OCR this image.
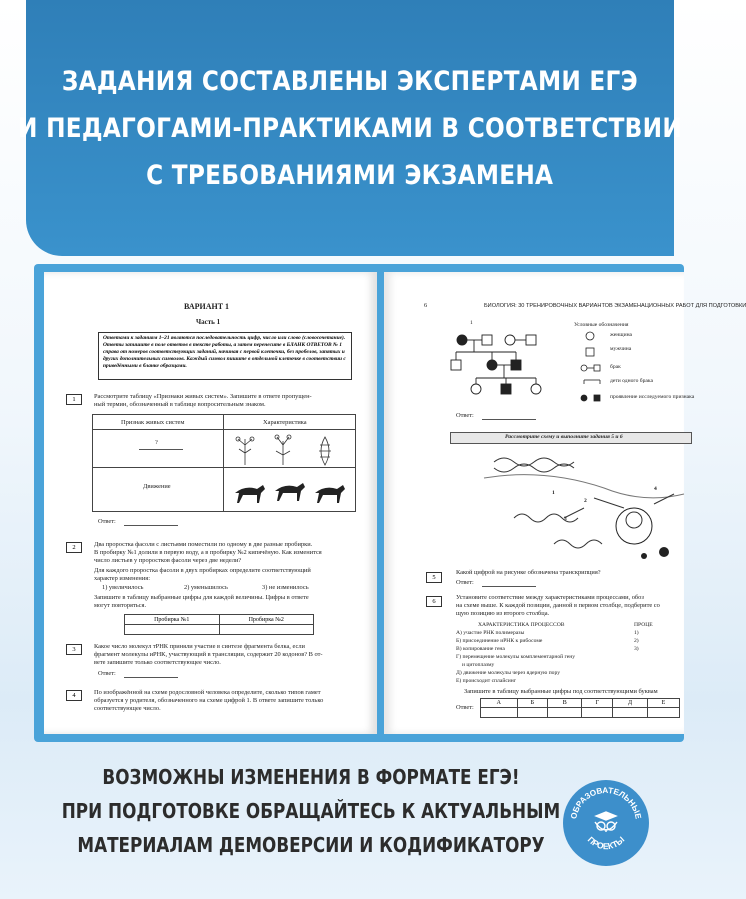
ЗАДАНИЯ СОСТАВЛЕНЫ ЭКСПЕРТАМИ ЕГЭ
И ПЕДАГОГАМИ-ПРАКТИКАМИ В СООТВЕТСТВИИ
С ТРЕБОВАНИЯМИ ЭКЗАМЕНА
ВАРИАНТ 1
Часть 1
Ответами к заданиям 1–21 являются последовательность цифр, число или слово (словосочетание). Ответы запишите в поле ответов в тексте работы, а затем перенесите в БЛАНК ОТВЕТОВ № 1 справа от номеров соответствующих заданий, начиная с первой клеточки, без пробелов, запятых и других дополнительных символов. Каждый символ пишите в отдельной клеточке в соответствии с приведёнными в бланке образцами.
1	Рассмотрите таблицу «Признаки живых систем». Запишите в ответе пропущен-
ный термин, обозначенный в таблице вопросительным знаком.
Признак живых систем	Характеристика
?
Движение
Ответ:
2	Два проростка фасоли с листьями поместили по одному в две разные пробирки.
В пробирку №1 долили в первую воду, а в пробирку №2 кипячёную. Как изменится
число листьев у проростков фасоли через две недели?
Для каждого проростка фасоли в двух пробирках определите соответствующий
характер изменения:
1) увеличилось	2) уменьшилось	3) не изменилось
Запишите в таблицу выбранные цифры для каждой величины. Цифры в ответе
могут повторяться.
Пробирка №1	Пробирка №2

3	Какое число молекул тРНК приняли участие в синтезе фрагмента белка, если
фрагмент молекулы иРНК, участвующий в трансляции, содержит 20 кодонов? В от-
вете запишите только соответствующее число.
Ответ:
4	По изображённой на схеме родословной человека определите, сколько типов гамет
образуется у родителя, обозначенного на схеме цифрой 1. В ответе запишите только
соответствующее число.
6	БИОЛОГИЯ: 30 ТРЕНИРОВОЧНЫХ ВАРИАНТОВ ЭКЗАМЕНАЦИОННЫХ РАБОТ ДЛЯ ПОДГОТОВКИ
1	Условные обозначения
женщина
мужчина
брак
дети одного брака
проявление исследуемого признака
Ответ:
Рассмотрите схему и выполните задания 5 и 6
1
2
3
4
5
Какой цифрой на рисунке обозначена транскрипция?
Ответ:
6
Установите соответствие между характеристиками процессами, обоз
на схеме выше. К каждой позиции, данной в первом столбце, подберите со
щую позицию из второго столбца.
ХАРАКТЕРИСТИКА ПРОЦЕССОВ	ПРОЦЕ
А) участие РНК полимеразы
Б) присоединение иРНК к рибосоме
В) копирование гена
Г) перемещение молекулы комплементарной гену
и цитоплазму
Д) движение молекулы через ядерную пору
Е) происходит сплайсинг
1)
2)
3)
Запишите в таблицу выбранные цифры под соответствующими буквам
Ответ:
А	Б	В	Г	Д	Е

ВОЗМОЖНЫ ИЗМЕНЕНИЯ В ФОРМАТЕ ЕГЭ!
ПРИ ПОДГОТОВКЕ ОБРАЩАЙТЕСЬ К АКТУАЛЬНЫМ
МАТЕРИАЛАМ ДЕМОВЕРСИИ И КОДИФИКАТОРУ
ОБРАЗОВАТЕЛЬНЫЕ
ПРОЕКТЫ
